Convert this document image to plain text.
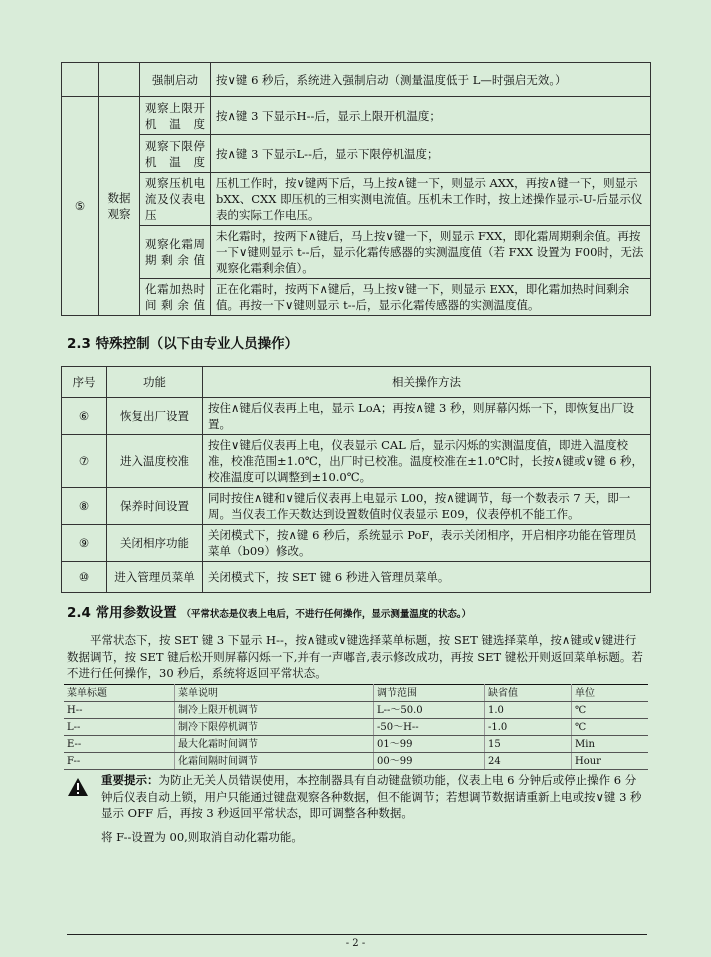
		强制启动	按∨键 6 秒后，系统进入强制启动（测量温度低于 L—时强启无效。）
⑤	数据观察	观察上限开机温度	按∧键 3 下显示H--后，显示上限开机温度；
		观察下限停机温度	按∧键 3 下显示L--后，显示下限停机温度；
		观察压机电流及仪表电压	压机工作时，按∨键两下后，马上按∧键一下，则显示 AXX，再按∧键一下，则显示 bXX、CXX 即压机的三相实测电流值。压机未工作时，按上述操作显示-U-后显示仪表的实际工作电压。
		观察化霜周期剩余值	未化霜时，按两下∧键后，马上按∨键一下，则显示 FXX，即化霜周期剩余值。再按一下∨键则显示 t--后，显示化霜传感器的实测温度值（若 FXX 设置为 F00时，无法观察化霜剩余值）。
		化霜加热时间剩余值	正在化霜时，按两下∧键后，马上按∨键一下，则显示 EXX，即化霜加热时间剩余值。再按一下∨键则显示 t--后，显示化霜传感器的实测温度值。
2.3 特殊控制（以下由专业人员操作）
序号	功能	相关操作方法
⑥	恢复出厂设置	按住∧键后仪表再上电，显示 LoA；再按∧键 3 秒，则屏幕闪烁一下，即恢复出厂设置。
⑦	进入温度校准	按住∨键后仪表再上电，仪表显示 CAL 后，显示闪烁的实测温度值，即进入温度校准，校准范围±1.0℃，出厂时已校准。温度校准在±1.0℃时，长按∧键或∨键 6 秒，校准温度可以调整到±10.0℃。
⑧	保养时间设置	同时按住∧键和∨键后仪表再上电显示 L00，按∧键调节，每一个数表示 7 天，即一周。当仪表工作天数达到设置数值时仪表显示 E09，仪表停机不能工作。
⑨	关闭相序功能	关闭模式下，按∧键 6 秒后，系统显示 PoF，表示关闭相序，开启相序功能在管理员菜单（b09）修改。
⑩	进入管理员菜单	关闭模式下，按 SET 键 6 秒进入管理员菜单。
2.4 常用参数设置 （平常状态是仪表上电后，不进行任何操作，显示测量温度的状态。）
平常状态下，按 SET 键 3 下显示 H--，按∧键或∨键选择菜单标题，按 SET 键选择菜单，按∧键或∨键进行数据调节，按 SET 键后松开则屏幕闪烁一下,并有一声嘟音,表示修改成功，再按 SET 键松开则返回菜单标题。若不进行任何操作，30 秒后，系统将返回平常状态。
菜单标题	菜单说明	调节范围	缺省值	单位
H--	制冷上限开机调节	L--～50.0	1.0	℃
L--	制冷下限停机调节	-50～H--	-1.0	℃
E--	最大化霜时间调节	01～99	15	Min
F--	化霜间隔时间调节	00～99	24	Hour
重要提示：为防止无关人员错误使用，本控制器具有自动键盘锁功能，仪表上电 6 分钟后或停止操作 6 分钟后仪表自动上锁，用户只能通过键盘观察各种数据，但不能调节；若想调节数据请重新上电或按∨键 3 秒显示 OFF 后，再按 3 秒返回平常状态，即可调整各种数据。
将 F--设置为 00,则取消自动化霜功能。
- 2 -
